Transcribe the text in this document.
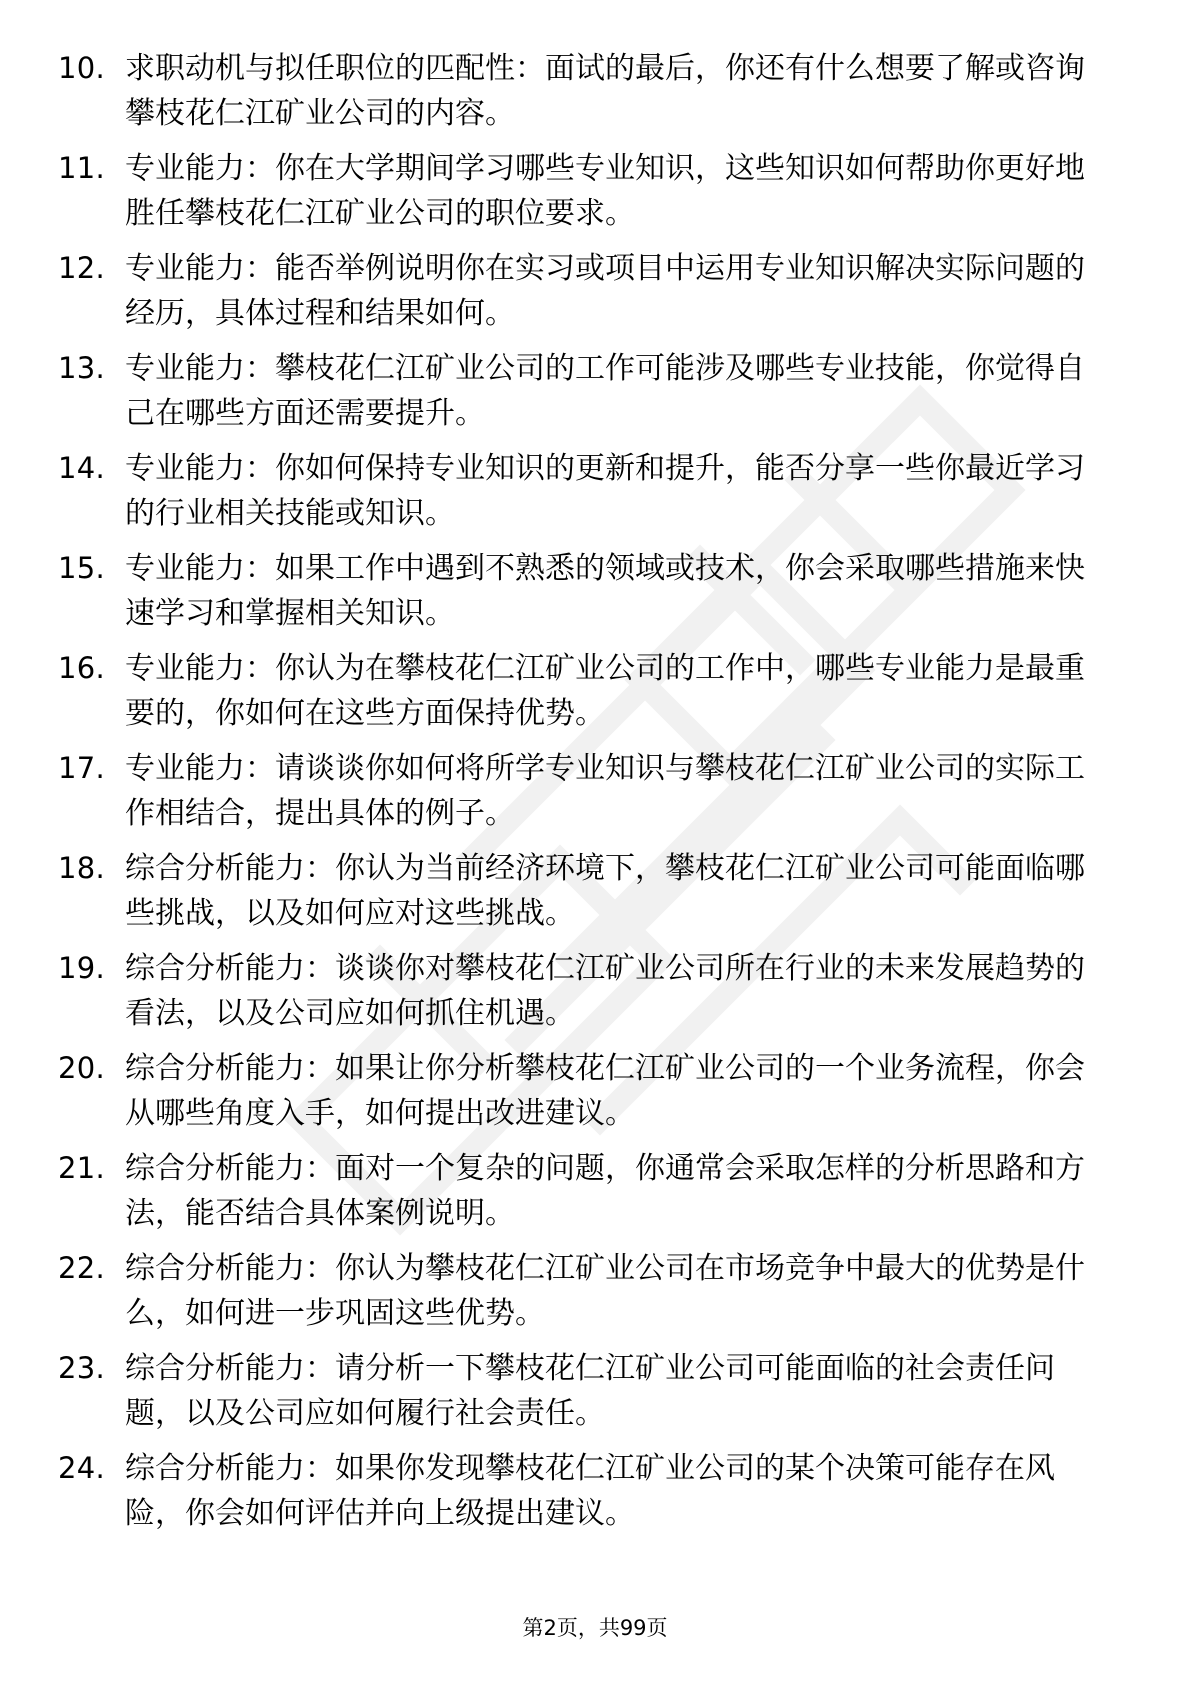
10. 求职动机与拟任职位的匹配性：面试的最后，你还有什么想要了解或咨询攀枝花仁江矿业公司的内容。
11. 专业能力：你在大学期间学习哪些专业知识，这些知识如何帮助你更好地胜任攀枝花仁江矿业公司的职位要求。
12. 专业能力：能否举例说明你在实习或项目中运用专业知识解决实际问题的经历，具体过程和结果如何。
13. 专业能力：攀枝花仁江矿业公司的工作可能涉及哪些专业技能，你觉得自己在哪些方面还需要提升。
14. 专业能力：你如何保持专业知识的更新和提升，能否分享一些你最近学习的行业相关技能或知识。
15. 专业能力：如果工作中遇到不熟悉的领域或技术，你会采取哪些措施来快速学习和掌握相关知识。
16. 专业能力：你认为在攀枝花仁江矿业公司的工作中，哪些专业能力是最重要的，你如何在这些方面保持优势。
17. 专业能力：请谈谈你如何将所学专业知识与攀枝花仁江矿业公司的实际工作相结合，提出具体的例子。
18. 综合分析能力：你认为当前经济环境下，攀枝花仁江矿业公司可能面临哪些挑战，以及如何应对这些挑战。
19. 综合分析能力：谈谈你对攀枝花仁江矿业公司所在行业的未来发展趋势的看法，以及公司应如何抓住机遇。
20. 综合分析能力：如果让你分析攀枝花仁江矿业公司的一个业务流程，你会从哪些角度入手，如何提出改进建议。
21. 综合分析能力：面对一个复杂的问题，你通常会采取怎样的分析思路和方法，能否结合具体案例说明。
22. 综合分析能力：你认为攀枝花仁江矿业公司在市场竞争中最大的优势是什么，如何进一步巩固这些优势。
23. 综合分析能力：请分析一下攀枝花仁江矿业公司可能面临的社会责任问题，以及公司应如何履行社会责任。
24. 综合分析能力：如果你发现攀枝花仁江矿业公司的某个决策可能存在风险，你会如何评估并向上级提出建议。
第2页，共99页
